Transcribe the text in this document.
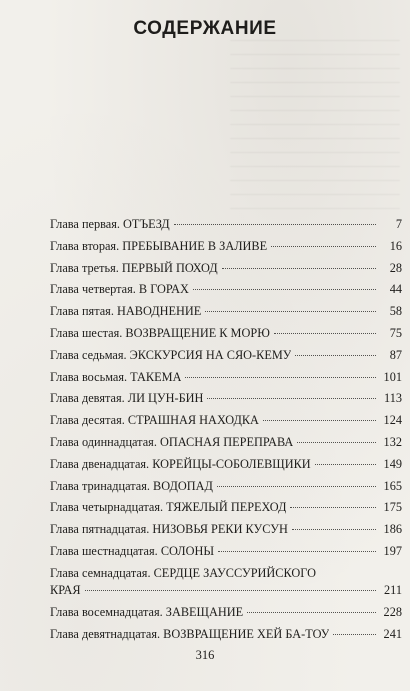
СОДЕРЖАНИЕ
Глава первая. ОТЪЕЗД	7
Глава вторая. ПРЕБЫВАНИЕ В ЗАЛИВЕ	16
Глава третья. ПЕРВЫЙ ПОХОД	28
Глава четвертая. В ГОРАХ	44
Глава пятая. НАВОДНЕНИЕ	58
Глава шестая. ВОЗВРАЩЕНИЕ К МОРЮ	75
Глава седьмая. ЭКСКУРСИЯ НА СЯО-КЕМУ	87
Глава восьмая. ТАКЕМА	101
Глава девятая. ЛИ ЦУН-БИН	113
Глава десятая. СТРАШНАЯ НАХОДКА	124
Глава одиннадцатая. ОПАСНАЯ ПЕРЕПРАВА	132
Глава двенадцатая. КОРЕЙЦЫ-СОБОЛЕВЩИКИ	149
Глава тринадцатая. ВОДОПАД	165
Глава четырнадцатая. ТЯЖЕЛЫЙ ПЕРЕХОД	175
Глава пятнадцатая. НИЗОВЬЯ РЕКИ КУСУН	186
Глава шестнадцатая. СОЛОНЫ	197
Глава семнадцатая. СЕРДЦЕ ЗАУССУРИЙСКОГО
КРАЯ	211
Глава восемнадцатая. ЗАВЕЩАНИЕ	228
Глава девятнадцатая. ВОЗВРАЩЕНИЕ ХЕЙ БА-ТОУ	241
316
